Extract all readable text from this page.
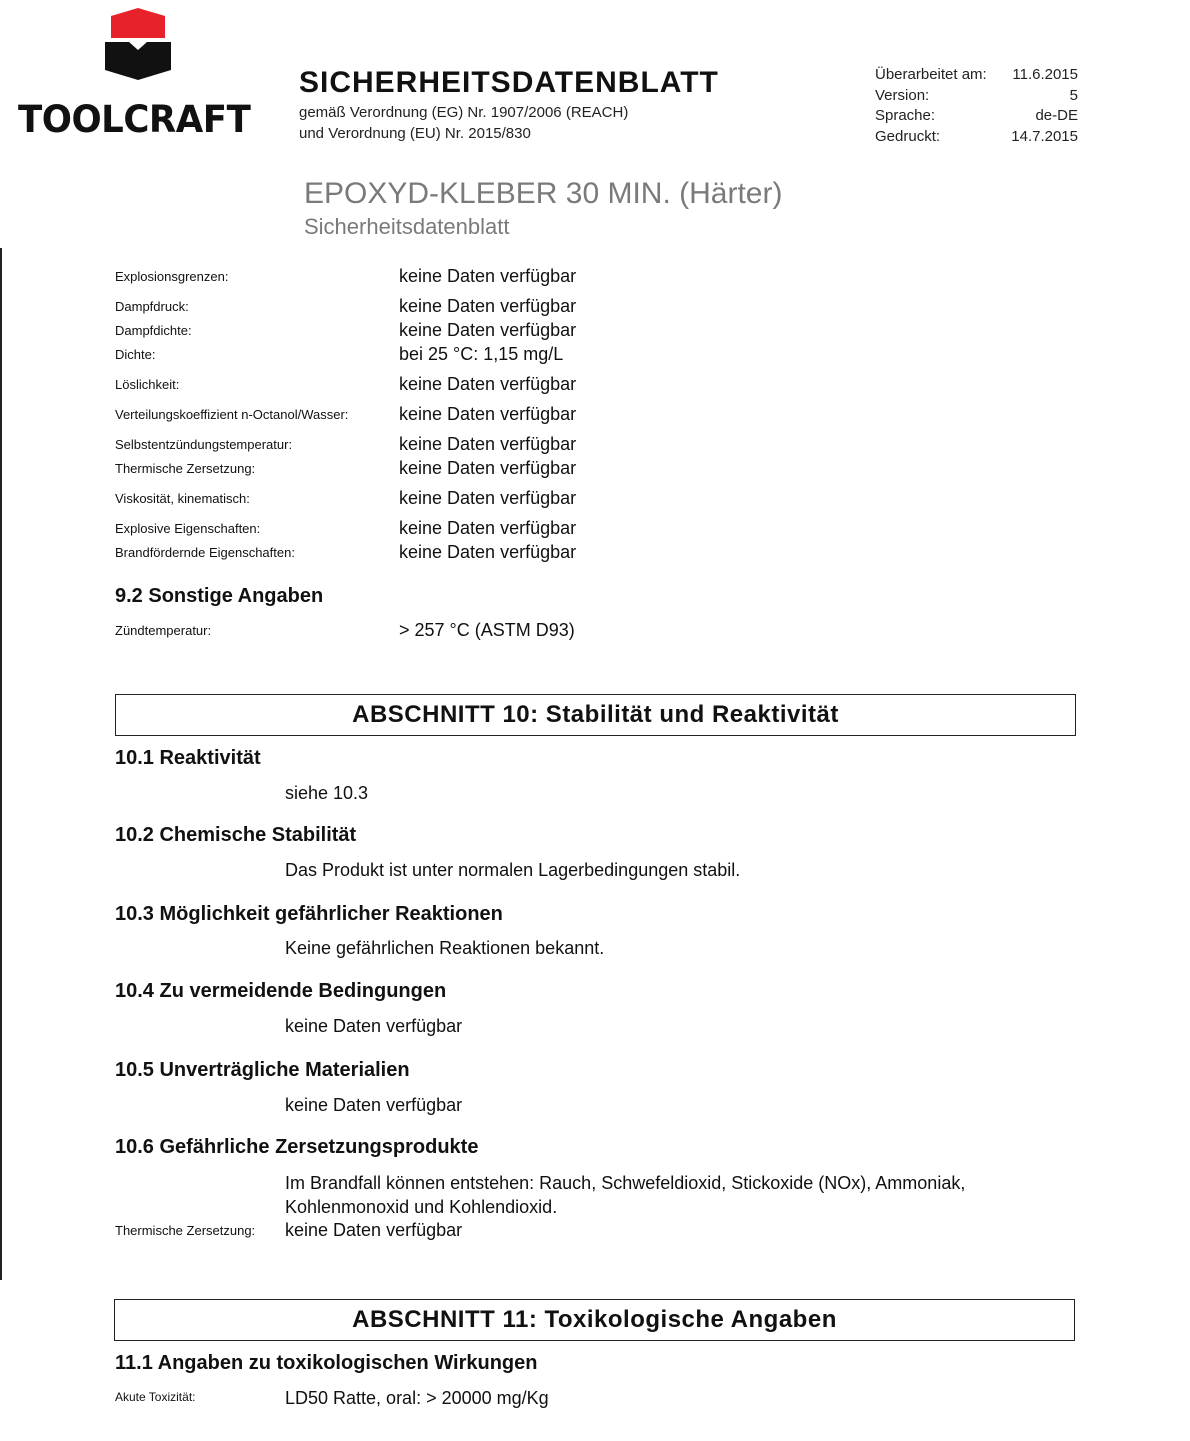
TOOLCRAFT
SICHERHEITSDATENBLATT
gemäß Verordnung (EG) Nr. 1907/2006 (REACH)
und Verordnung (EU) Nr. 2015/830
Überarbeitet am:	11.6.2015
Version:	5
Sprache:	de-DE
Gedruckt:	14.7.2015
EPOXYD-KLEBER 30 MIN. (Härter)
Sicherheitsdatenblatt
Explosionsgrenzen:	keine Daten verfügbar
Dampfdruck:	keine Daten verfügbar
Dampfdichte:	keine Daten verfügbar
Dichte:	bei 25 °C: 1,15 mg/L
Löslichkeit:	keine Daten verfügbar
Verteilungskoeffizient n-Octanol/Wasser:	keine Daten verfügbar
Selbstentzündungstemperatur:	keine Daten verfügbar
Thermische Zersetzung:	keine Daten verfügbar
Viskosität, kinematisch:	keine Daten verfügbar
Explosive Eigenschaften:	keine Daten verfügbar
Brandfördernde Eigenschaften:	keine Daten verfügbar
9.2 Sonstige Angaben
Zündtemperatur:	> 257 °C (ASTM D93)
ABSCHNITT 10: Stabilität und Reaktivität
10.1 Reaktivität
siehe 10.3
10.2 Chemische Stabilität
Das Produkt ist unter normalen Lagerbedingungen stabil.
10.3 Möglichkeit gefährlicher Reaktionen
Keine gefährlichen Reaktionen bekannt.
10.4 Zu vermeidende Bedingungen
keine Daten verfügbar
10.5 Unverträgliche Materialien
keine Daten verfügbar
10.6 Gefährliche Zersetzungsprodukte
Im Brandfall können entstehen: Rauch, Schwefeldioxid, Stickoxide (NOx), Ammoniak,
Kohlenmonoxid und Kohlendioxid.
Thermische Zersetzung: keine Daten verfügbar
ABSCHNITT 11: Toxikologische Angaben
11.1 Angaben zu toxikologischen Wirkungen
Akute Toxizität:	LD50 Ratte, oral: > 20000 mg/Kg
